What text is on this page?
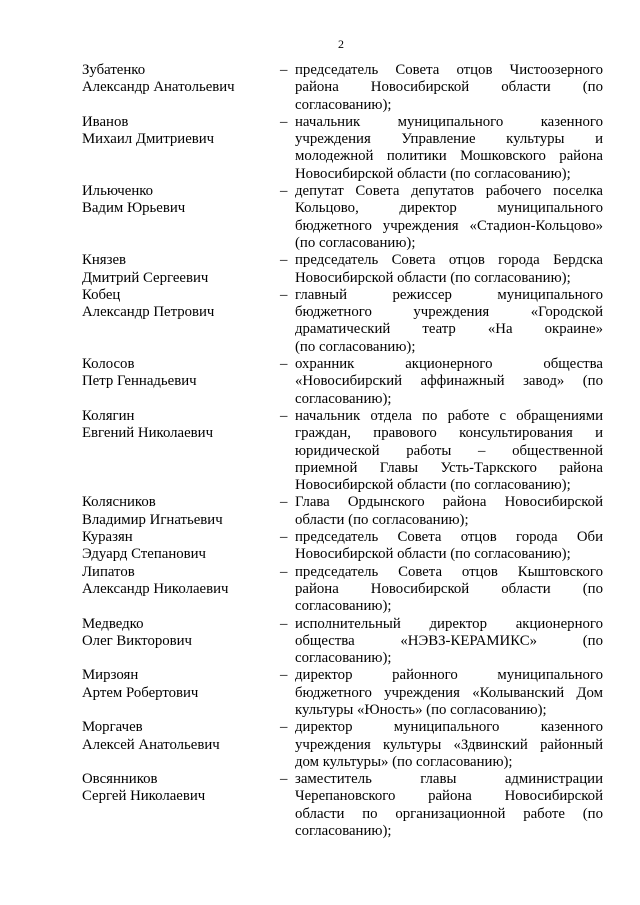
2
Зубатенко
Александр Анатольевич
– председатель Совета отцов Чистоозерного
района Новосибирской области (по
согласованию);
Иванов
Михаил Дмитриевич
– начальник муниципального казенного
учреждения Управление культуры и
молодежной политики Мошковского района
Новосибирской области (по согласованию);
Ильюченко
Вадим Юрьевич
– депутат Совета депутатов рабочего поселка
Кольцово, директор муниципального
бюджетного учреждения «Стадион-Кольцово»
(по согласованию);
Князев
Дмитрий Сергеевич
– председатель Совета отцов города Бердска
Новосибирской области (по согласованию);
Кобец
Александр Петрович
– главный режиссер муниципального
бюджетного учреждения «Городской
драматический театр «На окраине»
(по согласованию);
Колосов
Петр Геннадьевич
– охранник акционерного общества
«Новосибирский аффинажный завод» (по
согласованию);
Колягин
Евгений Николаевич
– начальник отдела по работе с обращениями
граждан, правового консультирования и
юридической работы – общественной
приемной Главы Усть-Таркского района
Новосибирской области (по согласованию);
Колясников
Владимир Игнатьевич
– Глава Ордынского района Новосибирской
области (по согласованию);
Куразян
Эдуард Степанович
– председатель Совета отцов города Оби
Новосибирской области (по согласованию);
Липатов
Александр Николаевич
– председатель Совета отцов Кыштовского
района Новосибирской области (по
согласованию);
Медведко
Олег Викторович
– исполнительный директор акционерного
общества «НЭВЗ-КЕРАМИКС» (по
согласованию);
Мирзоян
Артем Робертович
– директор районного муниципального
бюджетного учреждения «Колыванский Дом
культуры «Юность» (по согласованию);
Моргачев
Алексей Анатольевич
– директор муниципального казенного
учреждения культуры «Здвинский районный
дом культуры» (по согласованию);
Овсянников
Сергей Николаевич
– заместитель главы администрации
Черепановского района Новосибирской
области по организационной работе (по
согласованию);
